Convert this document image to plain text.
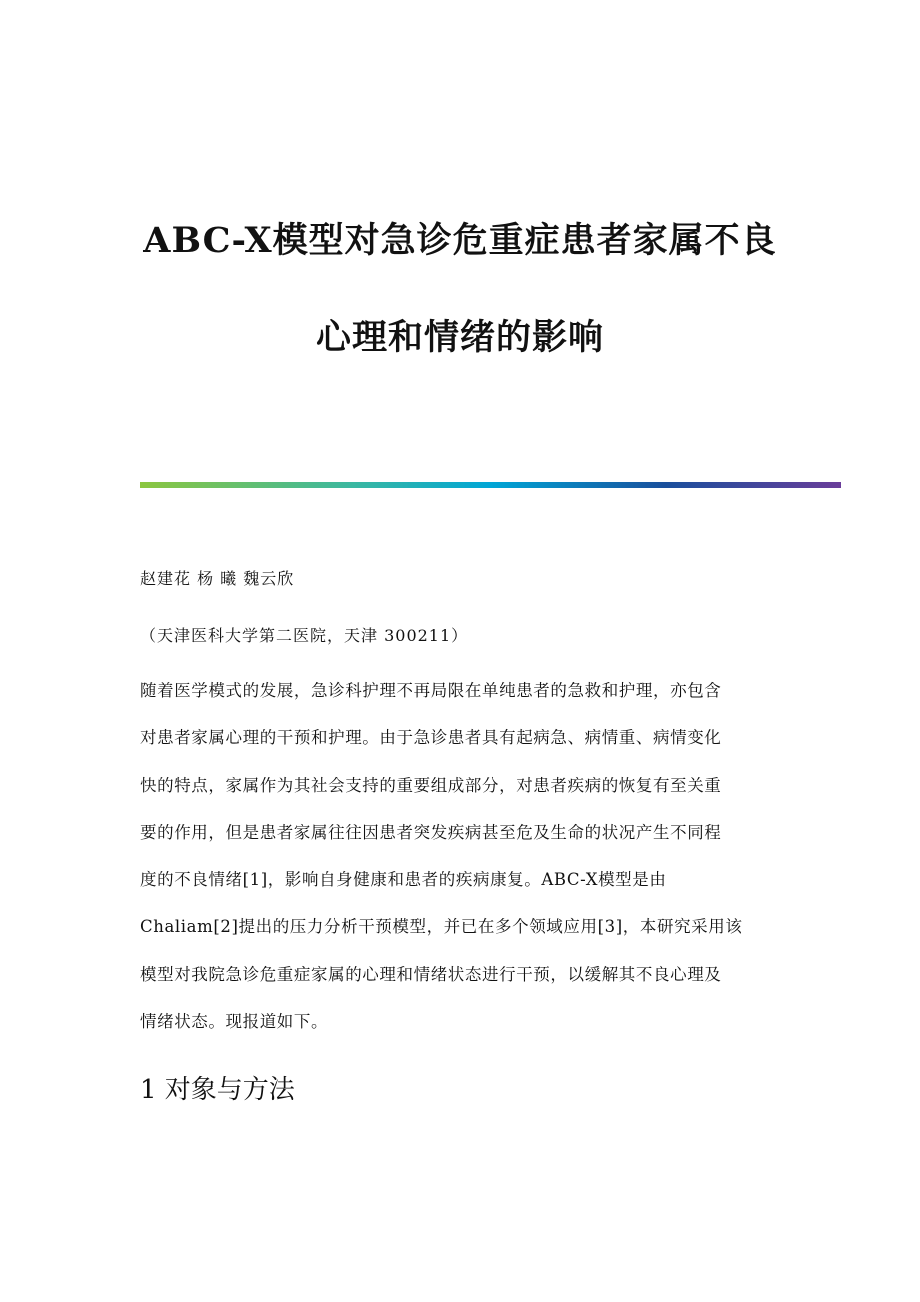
ABC-X模型对急诊危重症患者家属不良
心理和情绪的影响

赵建花 杨 曦 魏云欣

（天津医科大学第二医院，天津 300211）

随着医学模式的发展，急诊科护理不再局限在单纯患者的急救和护理，亦包含
对患者家属心理的干预和护理。由于急诊患者具有起病急、病情重、病情变化
快的特点，家属作为其社会支持的重要组成部分，对患者疾病的恢复有至关重
要的作用，但是患者家属往往因患者突发疾病甚至危及生命的状况产生不同程
度的不良情绪[1]，影响自身健康和患者的疾病康复。ABC-X模型是由
Chaliam[2]提出的压力分析干预模型，并已在多个领域应用[3]，本研究采用该
模型对我院急诊危重症家属的心理和情绪状态进行干预，以缓解其不良心理及
情绪状态。现报道如下。
1 对象与方法
